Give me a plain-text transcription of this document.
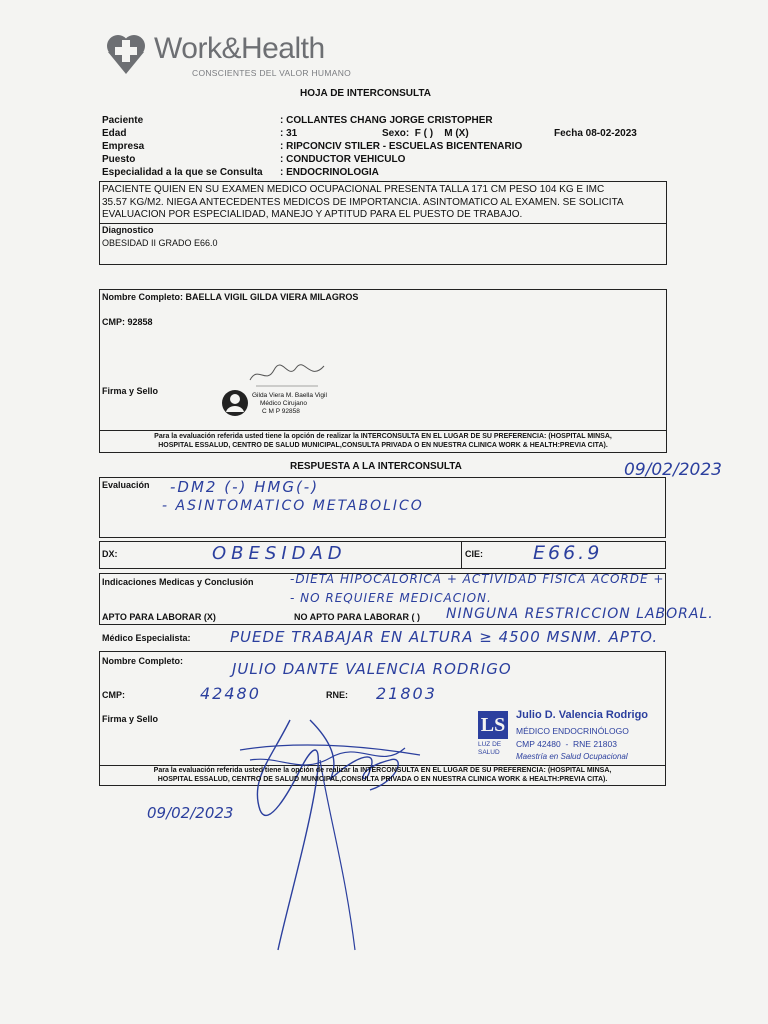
Work&Health
CONSCIENTES DEL VALOR HUMANO
HOJA DE INTERCONSULTA
Paciente	: COLLANTES CHANG JORGE CRISTOPHER
Edad	: 31	Sexo:  F ( )    M (X)	Fecha 08-02-2023
Empresa	: RIPCONCIV STILER - ESCUELAS BICENTENARIO
Puesto	: CONDUCTOR VEHICULO
Especialidad a la que se Consulta : ENDOCRINOLOGIA
PACIENTE QUIEN EN SU EXAMEN MEDICO OCUPACIONAL PRESENTA TALLA 171 CM PESO 104 KG E IMC
35.57 KG/M2. NIEGA ANTECEDENTES MEDICOS DE IMPORTANCIA. ASINTOMATICO AL EXAMEN. SE SOLICITA
EVALUACION POR ESPECIALIDAD, MANEJO Y APTITUD PARA EL PUESTO DE TRABAJO.
Diagnostico
OBESIDAD II GRADO E66.0
Nombre Completo: BAELLA VIGIL GILDA VIERA MILAGROS
CMP: 92858
Firma y Sello	Gilda Viera M. Baella Vigil
Médico Cirujano
C M P 92858
Para la evaluación referida usted tiene la opción de realizar la INTERCONSULTA EN EL LUGAR DE SU PREFERENCIA: (HOSPITAL MINSA,
HOSPITAL ESSALUD, CENTRO DE SALUD MUNICIPAL,CONSULTA PRIVADA O EN NUESTRA CLINICA WORK & HEALTH:PREVIA CITA).
RESPUESTA A LA INTERCONSULTA	09/02/2023
Evaluación -DM2 (-) HMG(-)
- ASINTOMATICO METABOLICO
DX:	OBESIDAD	CIE:	E66.9
Indicaciones Medicas y Conclusión	-DIETA HIPOCALORICA + ACTIVIDAD FISICA ACORDE +
- NO REQUIERE MEDICACION.
APTO PARA LABORAR (X)	NO APTO PARA LABORAR ( ) NINGUNA RESTRICCION LABORAL.
Médico Especialista:	PUEDE TRABAJAR EN ALTURA ≥ 4500 MSNM. APTO.
Nombre Completo:	JULIO DANTE VALENCIA RODRIGO
CMP:	42480	RNE: 21803
Firma y Sello	LS
LUZ DE SALUD
Julio D. Valencia Rodrigo
MÉDICO ENDOCRINÓLOGO
CMP 42480  -  RNE 21803
Maestría en Salud Ocupacional
Para la evaluación referida usted tiene la opción de realizar la INTERCONSULTA EN EL LUGAR DE SU PREFERENCIA: (HOSPITAL MINSA,
HOSPITAL ESSALUD, CENTRO DE SALUD MUNICIPAL,CONSULTA PRIVADA O EN NUESTRA CLINICA WORK & HEALTH:PREVIA CITA).
09/02/2023
